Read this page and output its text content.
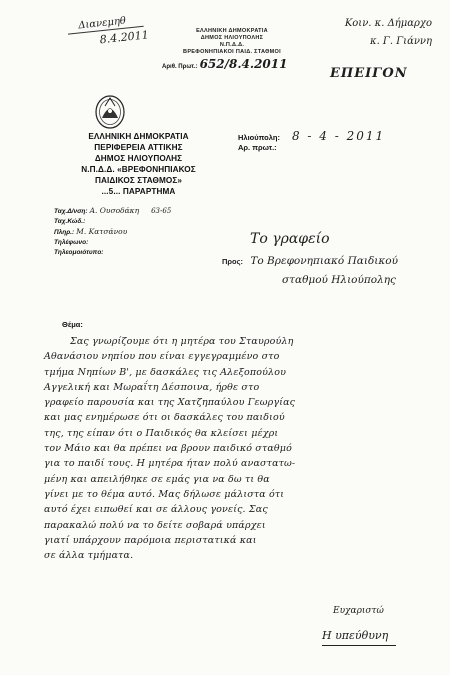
Διανεμηθ
8.4.2011	ΕΛΛΗΝΙΚΗ ΔΗΜΟΚΡΑΤΙΑ
ΔΗΜΟΣ ΗΛΙΟΥΠΟΛΗΣ
Ν.Π.Δ.Δ.
ΒΡΕΦΟΝΗΠΙΑΚΟΙ ΠΑΙΔ. ΣΤΑΘΜΟΙ
Αριθ. Πρωτ.: 652/8.4.2011
Κοιν. κ. Δήμαρχο
κ. Γ. Γιάννη
ΕΠΕΙΓΟΝ
ΕΛΛΗΝΙΚΗ ΔΗΜΟΚΡΑΤΙΑ
ΠΕΡΙΦΕΡΕΙΑ ΑΤΤΙΚΗΣ
ΔΗΜΟΣ ΗΛΙΟΥΠΟΛΗΣ
Ν.Π.Δ.Δ. «ΒΡΕΦΟΝΗΠΙΑΚΟΣ
ΠΑΙΔΙΚΟΣ ΣΤΑΘΜΟΣ»
...5... ΠΑΡΑΡΤΗΜΑ
Ταχ.Δ/νση: Α. Ουσοδάκη 63-65
Ταχ.Κώδ.:
Πληρ.: Μ. Κατσάνου
Τηλέφωνο:
Τηλεομοιότυπο:
Ηλιούπολη: 8 - 4 - 2011
Αρ. πρωτ.:
Το γραφείο
Προς: Το Βρεφονηπιακό Παιδικού
σταθμού Ηλιούπολης
Θέμα:
Σας γνωρίζουμε ότι η μητέρα του Σταυρούλη
Αθανάσιου νηπίου που είναι εγγεγραμμένο στο
τμήμα Νηπίων Β', με δασκάλες τις Αλεξοπούλου
Αγγελική και Μωραΐτη Δέσποινα, ήρθε στο
γραφείο παρουσία και της Χατζηπαύλου Γεωργίας
και μας ενημέρωσε ότι οι δασκάλες του παιδιού
της, της είπαν ότι ο Παιδικός θα κλείσει μέχρι
τον Μάιο και θα πρέπει να βρουν παιδικό σταθμό
για το παιδί τους. Η μητέρα ήταν πολύ αναστατω-
μένη και απειλήθηκε σε εμάς για να δω τι θα
γίνει με το θέμα αυτό. Μας δήλωσε μάλιστα ότι
αυτό έχει ειπωθεί και σε άλλους γονείς. Σας
παρακαλώ πολύ να το δείτε σοβαρά υπάρχει
γιατί υπάρχουν παρόμοια περιστατικά και
σε άλλα τμήματα.
Ευχαριστώ
Η υπεύθυνη
